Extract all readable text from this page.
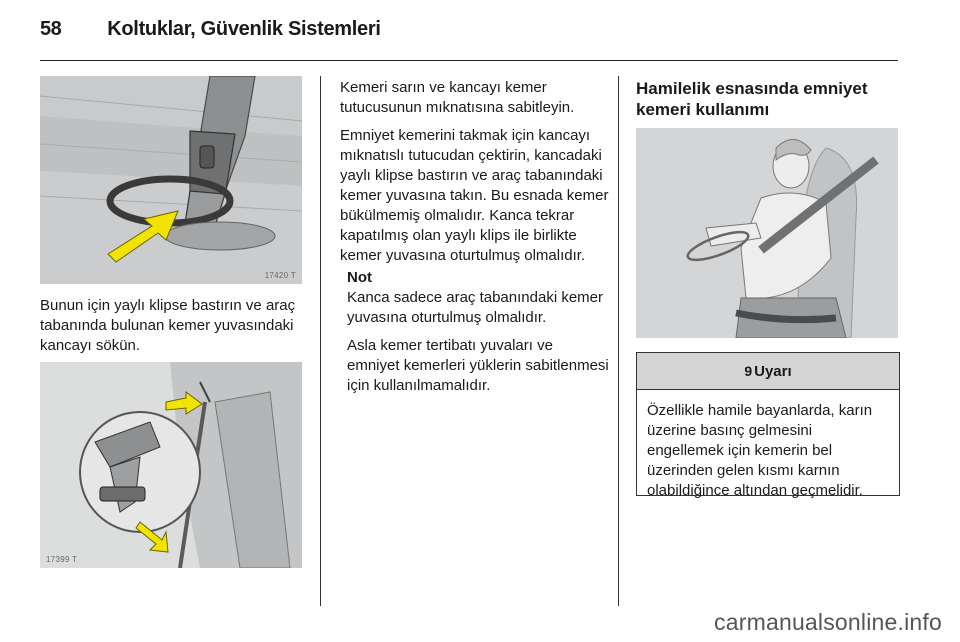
58 Koltuklar, Güvenlik Sistemleri
17420 T

Bunun için yaylı klipse bastırın ve araç tabanında bulunan kemer yuvasındaki kancayı sökün.

17399 T

Kemeri sarın ve kancayı kemer tutucusunun mıknatısına sabitleyin.

Emniyet kemerini takmak için kancayı mıknatıslı tutucudan çektirin, kancadaki yaylı klipse bastırın ve araç tabanındaki kemer yuvasına takın. Bu esnada kemer bükülmemiş olmalıdır. Kanca tekrar kapatılmış olan yaylı klips ile birlikte kemer yuvasına oturtulmuş olmalıdır.

Not

Kanca sadece araç tabanındaki kemer yuvasına oturtulmuş olmalıdır.

Asla kemer tertibatı yuvaları ve emniyet kemerleri yüklerin sabitlenmesi için kullanılmamalıdır.

Hamilelik esnasında emniyet kemeri kullanımı
9 Uyarı
Özellikle hamile bayanlarda, karın üzerine basınç gelmesini engellemek için kemerin bel üzerinden gelen kısmı karnın olabildiğince altından geçmelidir.
carmanualsonline.info
